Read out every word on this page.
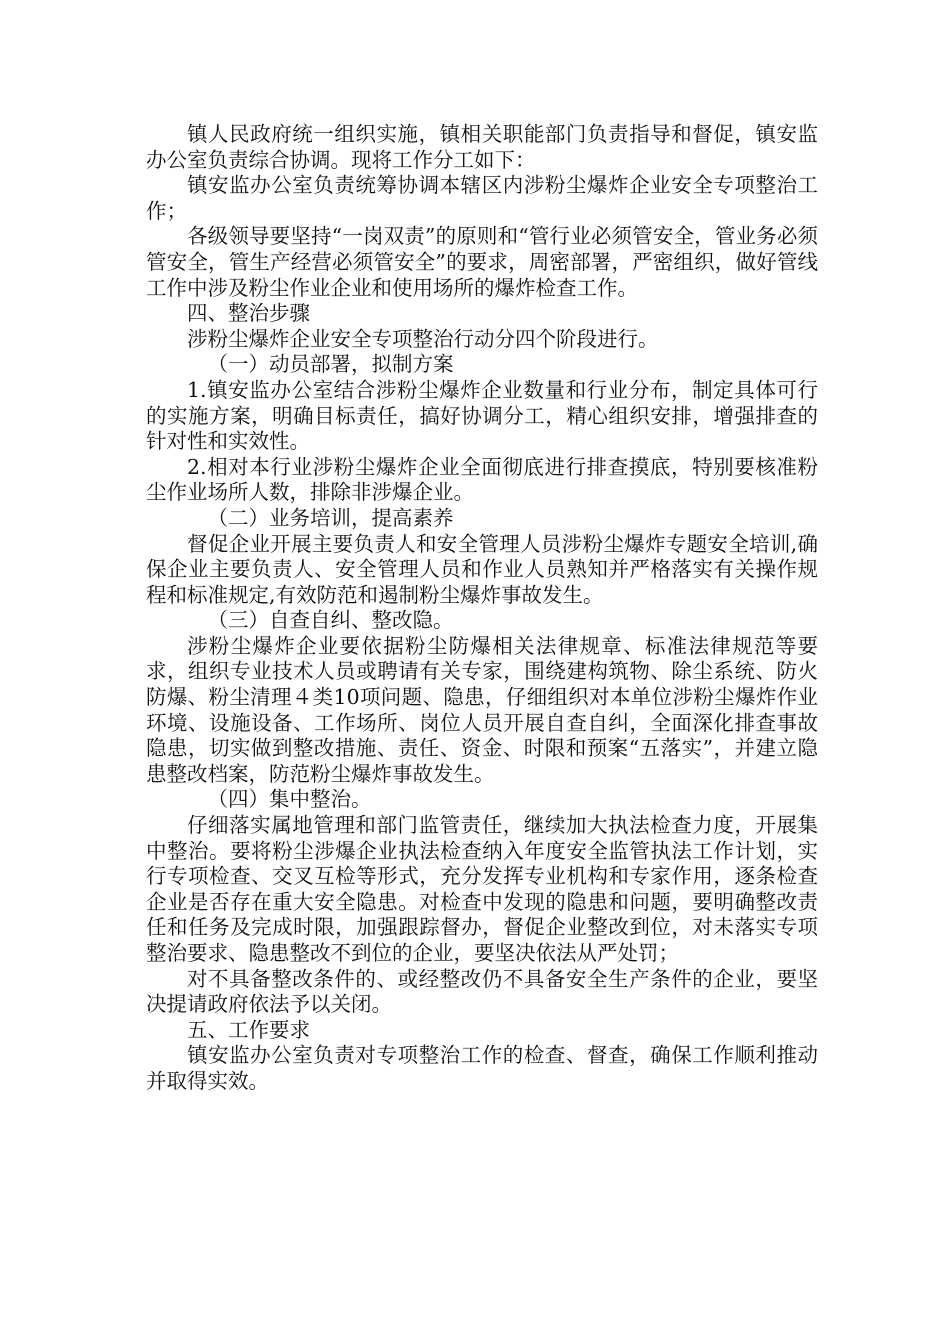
镇人民政府统一组织实施，镇相关职能部门负责指导和督促，镇安监办公室负责综合协调。现将工作分工如下：

镇安监办公室负责统筹协调本辖区内涉粉尘爆炸企业安全专项整治工作；

各级领导要坚持“一岗双责”的原则和“管行业必须管安全，管业务必须管安全，管生产经营必须管安全”的要求，周密部署，严密组织，做好管线工作中涉及粉尘作业企业和使用场所的爆炸检查工作。

四、整治步骤

涉粉尘爆炸企业安全专项整治行动分四个阶段进行。

（一）动员部署，拟制方案

1.镇安监办公室结合涉粉尘爆炸企业数量和行业分布，制定具体可行的实施方案，明确目标责任，搞好协调分工，精心组织安排，增强排查的针对性和实效性。

2.相对本行业涉粉尘爆炸企业全面彻底进行排查摸底，特别要核准粉尘作业场所人数，排除非涉爆企业。

（二）业务培训，提高素养

督促企业开展主要负责人和安全管理人员涉粉尘爆炸专题安全培训,确保企业主要负责人、安全管理人员和作业人员熟知并严格落实有关操作规程和标准规定,有效防范和遏制粉尘爆炸事故发生。

（三）自查自纠、整改隐。

涉粉尘爆炸企业要依据粉尘防爆相关法律规章、标准法律规范等要求，组织专业技术人员或聘请有关专家，围绕建构筑物、除尘系统、防火防爆、粉尘清理４类10项问题、隐患，仔细组织对本单位涉粉尘爆炸作业环境、设施设备、工作场所、岗位人员开展自查自纠，全面深化排查事故隐患，切实做到整改措施、责任、资金、时限和预案“五落实”，并建立隐患整改档案，防范粉尘爆炸事故发生。

（四）集中整治。

仔细落实属地管理和部门监管责任，继续加大执法检查力度，开展集中整治。要将粉尘涉爆企业执法检查纳入年度安全监管执法工作计划，实行专项检查、交叉互检等形式，充分发挥专业机构和专家作用，逐条检查企业是否存在重大安全隐患。对检查中发现的隐患和问题，要明确整改责任和任务及完成时限，加强跟踪督办，督促企业整改到位，对未落实专项整治要求、隐患整改不到位的企业，要坚决依法从严处罚；

对不具备整改条件的、或经整改仍不具备安全生产条件的企业，要坚决提请政府依法予以关闭。

五、工作要求

镇安监办公室负责对专项整治工作的检查、督查，确保工作顺利推动并取得实效。
